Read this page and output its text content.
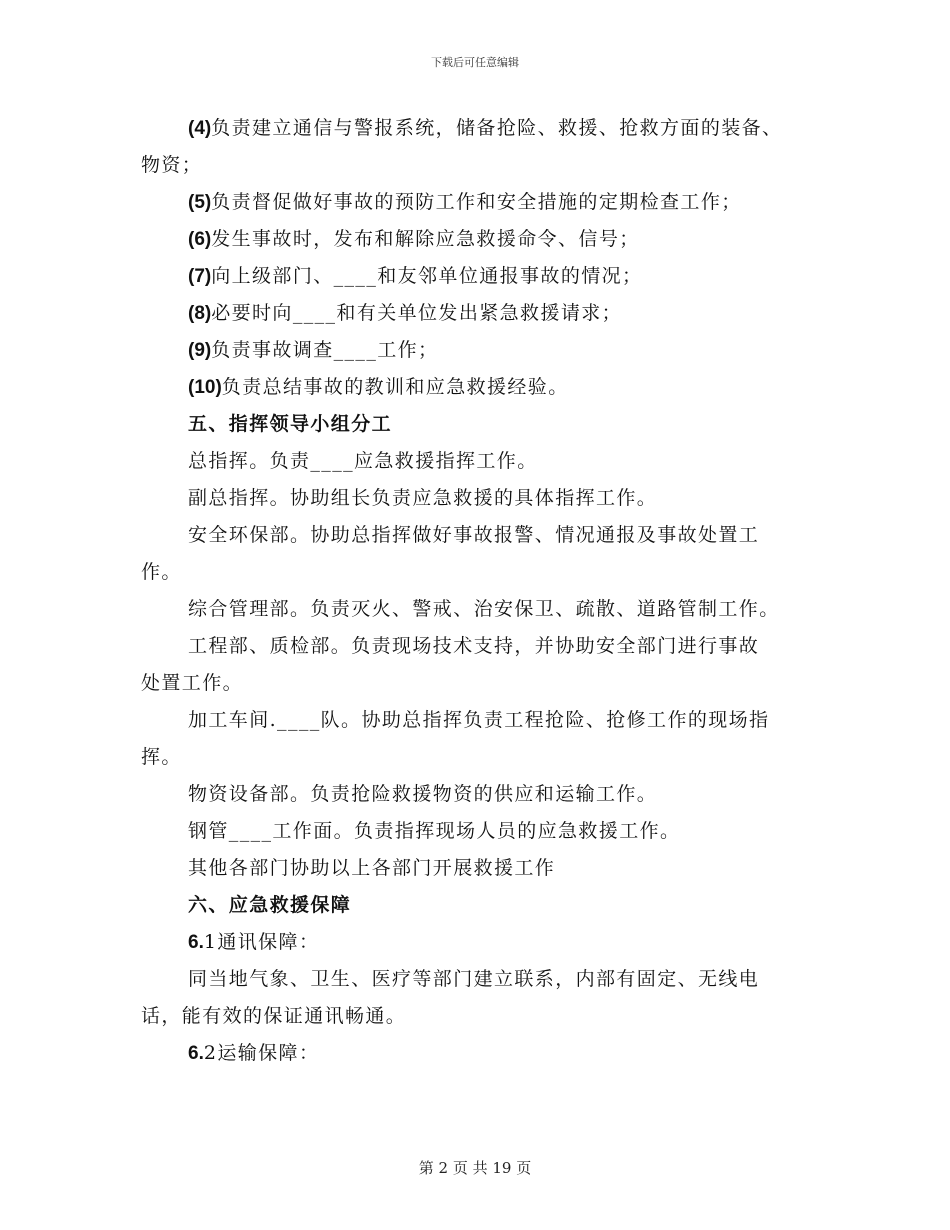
下载后可任意编辑
(4)负责建立通信与警报系统，储备抢险、救援、抢救方面的装备、
物资；
(5)负责督促做好事故的预防工作和安全措施的定期检查工作；
(6)发生事故时，发布和解除应急救援命令、信号；
(7)向上级部门、____和友邻单位通报事故的情况；
(8)必要时向____和有关单位发出紧急救援请求；
(9)负责事故调查____工作；
(10)负责总结事故的教训和应急救援经验。
五、指挥领导小组分工
总指挥。负责____应急救援指挥工作。
副总指挥。协助组长负责应急救援的具体指挥工作。
安全环保部。协助总指挥做好事故报警、情况通报及事故处置工
作。
综合管理部。负责灭火、警戒、治安保卫、疏散、道路管制工作。
工程部、质检部。负责现场技术支持，并协助安全部门进行事故
处置工作。
加工车间.____队。协助总指挥负责工程抢险、抢修工作的现场指
挥。
物资设备部。负责抢险救援物资的供应和运输工作。
钢管____工作面。负责指挥现场人员的应急救援工作。
其他各部门协助以上各部门开展救援工作
六、应急救援保障
6.1通讯保障：
同当地气象、卫生、医疗等部门建立联系，内部有固定、无线电
话，能有效的保证通讯畅通。
6.2运输保障：
第 2 页 共 19 页
